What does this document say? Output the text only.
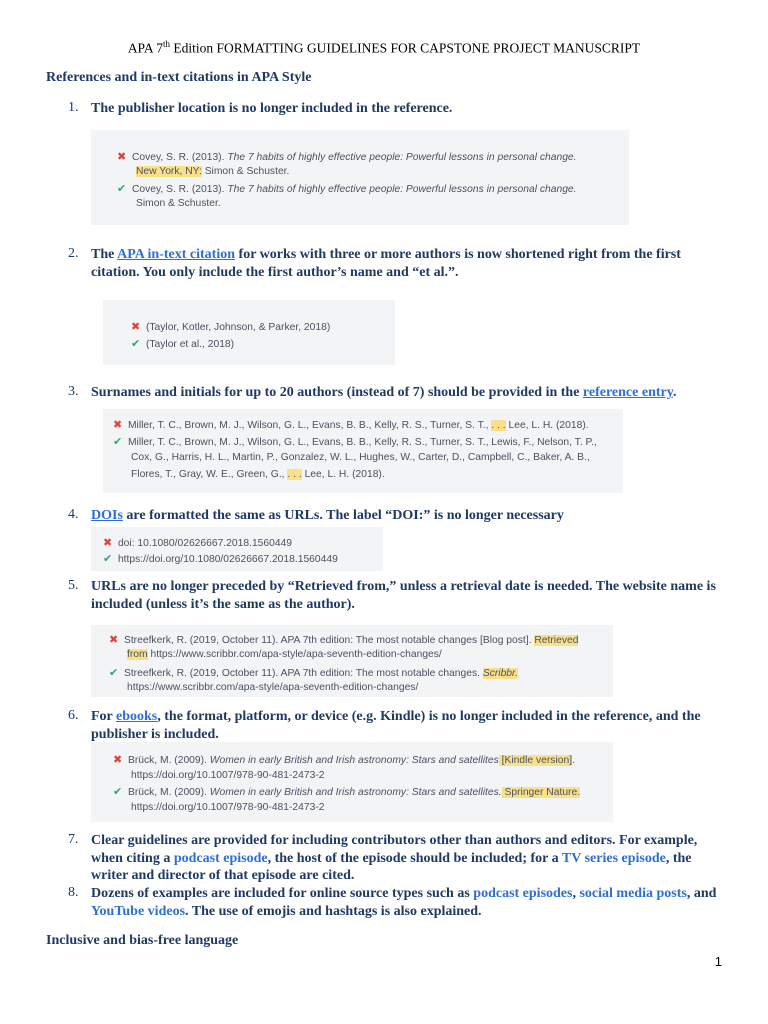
APA 7th Edition FORMATTING GUIDELINES FOR CAPSTONE PROJECT MANUSCRIPT
References and in-text citations in APA Style
1. The publisher location is no longer included in the reference.
✖ Covey, S. R. (2013). The 7 habits of highly effective people: Powerful lessons in personal change.
New York, NY: Simon & Schuster.
✔ Covey, S. R. (2013). The 7 habits of highly effective people: Powerful lessons in personal change.
Simon & Schuster.
2. The APA in-text citation for works with three or more authors is now shortened right from the first citation. You only include the first author’s name and “et al.”.
✖ (Taylor, Kotler, Johnson, & Parker, 2018)
✔ (Taylor et al., 2018)
3. Surnames and initials for up to 20 authors (instead of 7) should be provided in the reference entry.
✖ Miller, T. C., Brown, M. J., Wilson, G. L., Evans, B. B., Kelly, R. S., Turner, S. T., . . . Lee, L. H. (2018).
✔ Miller, T. C., Brown, M. J., Wilson, G. L., Evans, B. B., Kelly, R. S., Turner, S. T., Lewis, F., Nelson, T. P.,
Cox, G., Harris, H. L., Martin, P., Gonzalez, W. L., Hughes, W., Carter, D., Campbell, C., Baker, A. B.,
Flores, T., Gray, W. E., Green, G., . . . Lee, L. H. (2018).
4. DOIs are formatted the same as URLs. The label “DOI:” is no longer necessary
✖ doi: 10.1080/02626667.2018.1560449
✔ https://doi.org/10.1080/02626667.2018.1560449
5. URLs are no longer preceded by “Retrieved from,” unless a retrieval date is needed. The website name is included (unless it’s the same as the author).
✖ Streefkerk, R. (2019, October 11). APA 7th edition: The most notable changes [Blog post]. Retrieved
from https://www.scribbr.com/apa-style/apa-seventh-edition-changes/
✔ Streefkerk, R. (2019, October 11). APA 7th edition: The most notable changes. Scribbr.
https://www.scribbr.com/apa-style/apa-seventh-edition-changes/
6. For ebooks, the format, platform, or device (e.g. Kindle) is no longer included in the reference, and the publisher is included.
✖ Brück, M. (2009). Women in early British and Irish astronomy: Stars and satellites [Kindle version].
https://doi.org/10.1007/978-90-481-2473-2
✔ Brück, M. (2009). Women in early British and Irish astronomy: Stars and satellites. Springer Nature.
https://doi.org/10.1007/978-90-481-2473-2
7. Clear guidelines are provided for including contributors other than authors and editors. For example, when citing a podcast episode, the host of the episode should be included; for a TV series episode, the writer and director of that episode are cited.
8. Dozens of examples are included for online source types such as podcast episodes, social media posts, and YouTube videos. The use of emojis and hashtags is also explained.
Inclusive and bias-free language
1
